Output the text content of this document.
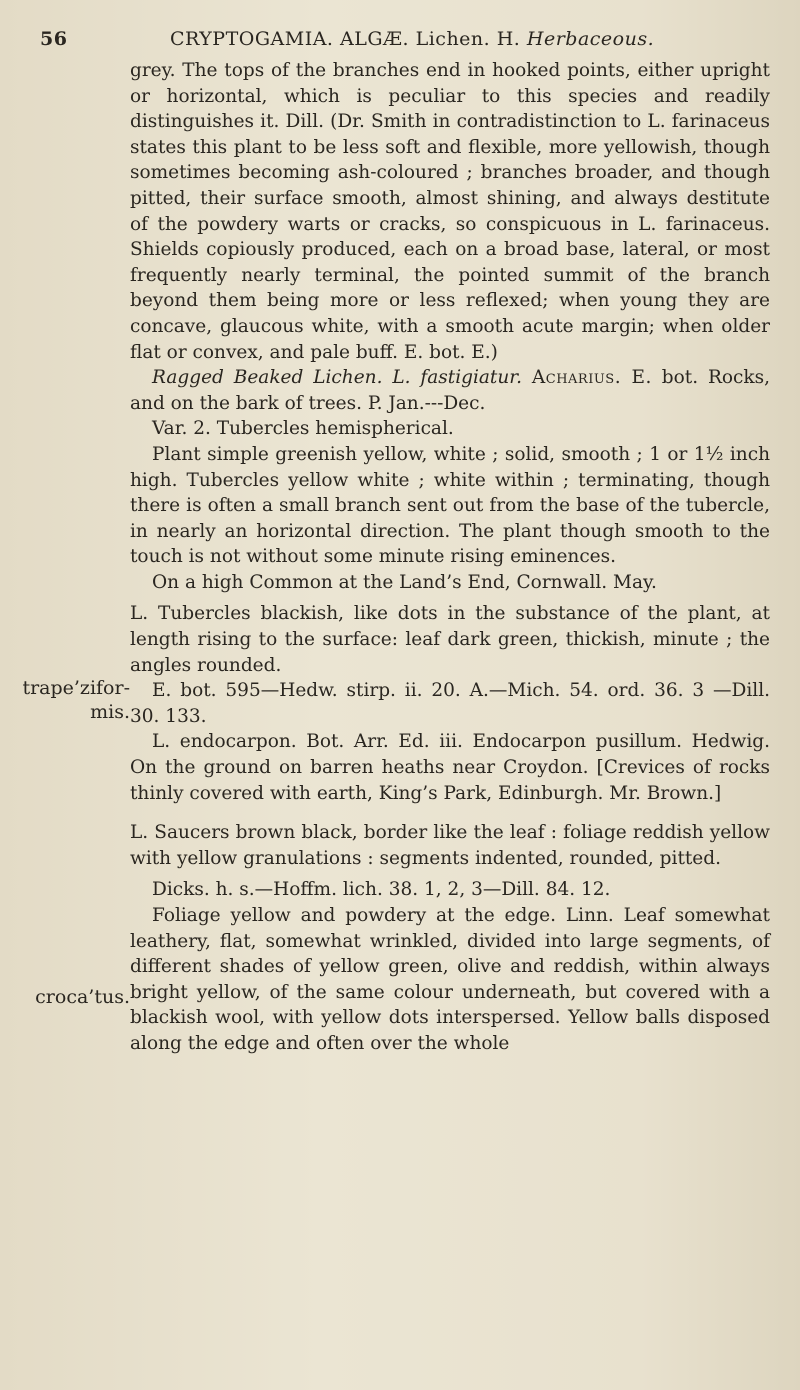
56	CRYPTOGAMIA. ALGÆ. Lichen. H. Herbaceous.
trape’zifor-
mis.
croca’tus.

grey. The tops of the branches end in hooked points, either upright or horizontal, which is peculiar to this species and readily distinguishes it. Dill. (Dr. Smith in contradistinction to L. farinaceus states this plant to be less soft and flexible, more yellowish, though sometimes becoming ash-coloured ; branches broader, and though pitted, their surface smooth, almost shining, and always destitute of the powdery warts or cracks, so conspicuous in L. farinaceus. Shields copiously produced, each on a broad base, lateral, or most frequently nearly terminal, the pointed summit of the branch beyond them being more or less reflexed; when young they are concave, glaucous white, with a smooth acute margin; when older flat or convex, and pale buff. E. bot. E.)

Ragged Beaked Lichen. L. fastigiatur. Acharius. E. bot. Rocks, and on the bark of trees. P. Jan.---Dec.

Var. 2. Tubercles hemispherical.

Plant simple greenish yellow, white ; solid, smooth ; 1 or 1½ inch high. Tubercles yellow white ; white within ; terminating, though there is often a small branch sent out from the base of the tubercle, in nearly an horizontal direction. The plant though smooth to the touch is not without some minute rising eminences.

On a high Common at the Land’s End, Cornwall. May.

L. Tubercles blackish, like dots in the substance of the plant, at length rising to the surface: leaf dark green, thickish, minute ; the angles rounded.

E. bot. 595—Hedw. stirp. ii. 20. A.—Mich. 54. ord. 36. 3 —Dill. 30. 133.

L. endocarpon. Bot. Arr. Ed. iii. Endocarpon pusillum. Hedwig. On the ground on barren heaths near Croydon. [Crevices of rocks thinly covered with earth, King’s Park, Edinburgh. Mr. Brown.]

L. Saucers brown black, border like the leaf : foliage reddish yellow with yellow granulations : segments indented, rounded, pitted.

Dicks. h. s.—Hoffm. lich. 38. 1, 2, 3—Dill. 84. 12.

Foliage yellow and powdery at the edge. Linn. Leaf somewhat leathery, flat, somewhat wrinkled, divided into large segments, of different shades of yellow green, olive and reddish, within always bright yellow, of the same colour underneath, but covered with a blackish wool, with yellow dots interspersed. Yellow balls disposed along the edge and often over the whole
